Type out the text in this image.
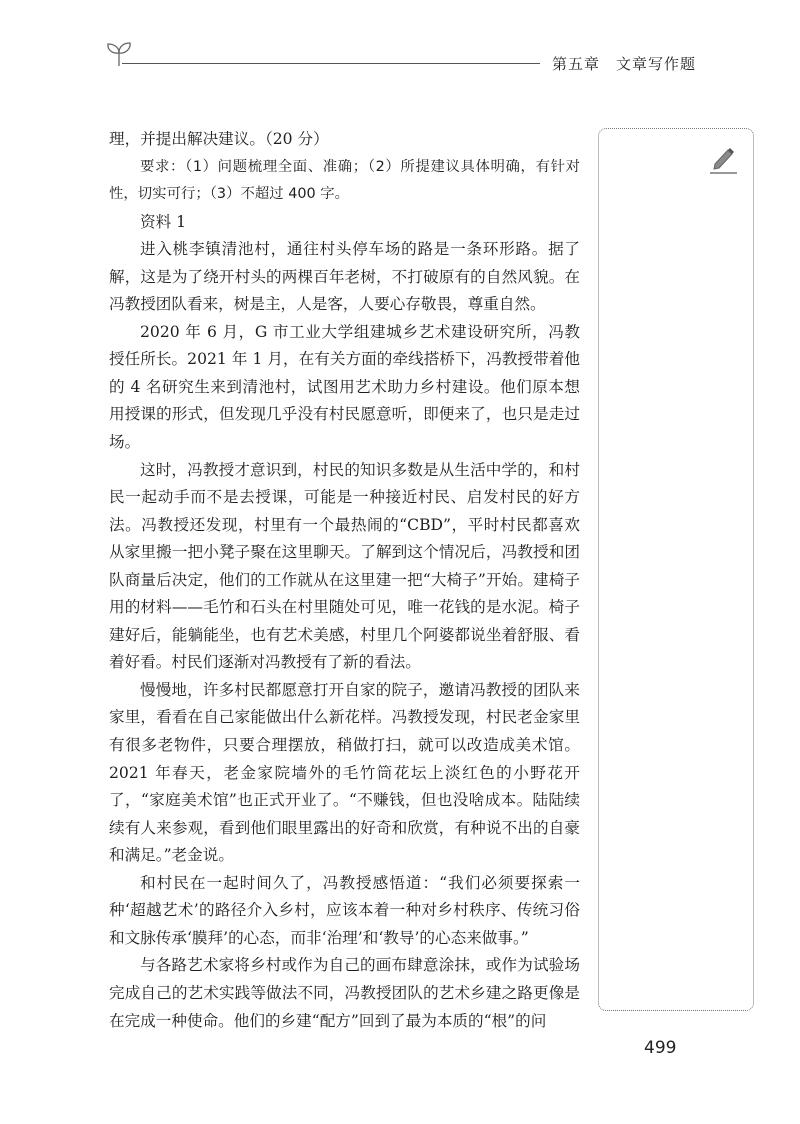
第五章　文章写作题

理，并提出解决建议。（20 分）

要求：（1）问题梳理全面、准确；（2）所提建议具体明确，有针对性，切实可行；（3）不超过 400 字。

资料 1

进入桃李镇清池村，通往村头停车场的路是一条环形路。据了解，这是为了绕开村头的两棵百年老树，不打破原有的自然风貌。在冯教授团队看来，树是主，人是客，人要心存敬畏，尊重自然。

2020 年 6 月，G 市工业大学组建城乡艺术建设研究所，冯教授任所长。2021 年 1 月，在有关方面的牵线搭桥下，冯教授带着他的 4 名研究生来到清池村，试图用艺术助力乡村建设。他们原本想用授课的形式，但发现几乎没有村民愿意听，即便来了，也只是走过场。

这时，冯教授才意识到，村民的知识多数是从生活中学的，和村民一起动手而不是去授课，可能是一种接近村民、启发村民的好方法。冯教授还发现，村里有一个最热闹的“CBD”，平时村民都喜欢从家里搬一把小凳子聚在这里聊天。了解到这个情况后，冯教授和团队商量后决定，他们的工作就从在这里建一把“大椅子”开始。建椅子用的材料——毛竹和石头在村里随处可见，唯一花钱的是水泥。椅子建好后，能躺能坐，也有艺术美感，村里几个阿婆都说坐着舒服、看着好看。村民们逐渐对冯教授有了新的看法。

慢慢地，许多村民都愿意打开自家的院子，邀请冯教授的团队来家里，看看在自己家能做出什么新花样。冯教授发现，村民老金家里有很多老物件，只要合理摆放，稍做打扫，就可以改造成美术馆。2021 年春天，老金家院墙外的毛竹筒花坛上淡红色的小野花开了，“家庭美术馆”也正式开业了。“不赚钱，但也没啥成本。陆陆续续有人来参观，看到他们眼里露出的好奇和欣赏，有种说不出的自豪和满足。”老金说。

和村民在一起时间久了，冯教授感悟道：“我们必须要探索一种‘超越艺术’的路径介入乡村，应该本着一种对乡村秩序、传统习俗和文脉传承‘膜拜’的心态，而非‘治理’和‘教导’的心态来做事。”

与各路艺术家将乡村或作为自己的画布肆意涂抹，或作为试验场完成自己的艺术实践等做法不同，冯教授团队的艺术乡建之路更像是在完成一种使命。他们的乡建“配方”回到了最为本质的“根”的问

499
